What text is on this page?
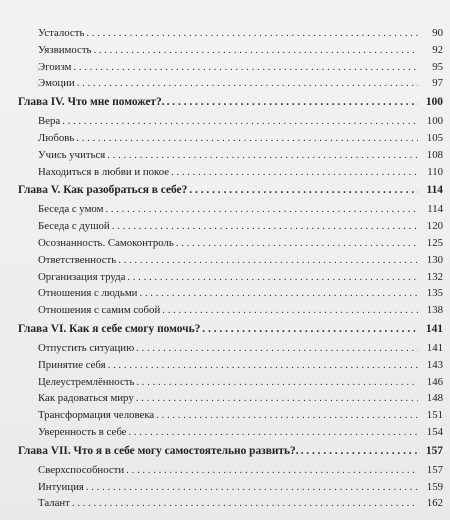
Усталость . . .	90
Уязвимость . . .	92
Эгоизм . . .	95
Эмоции . . .	97
Глава IV. Что мне поможет?. . . .	100
Вера . . .	100
Любовь . . .	105
Учись учиться . . .	108
Находиться в любви и покое . . .	110
Глава V. Как разобраться в себе? . . .	114
Беседа с умом . . .	114
Беседа с душой . . .	120
Осознанность. Самоконтроль . . .	125
Ответственность . . .	130
Организация труда . . .	132
Отношения с людьми . . .	135
Отношения с самим собой . . .	138
Глава VI. Как я себе смогу помочь? . . .	141
Отпустить ситуацию . . .	141
Принятие себя . . .	143
Целеустремлённость . . .	146
Как радоваться миру . . .	148
Трансформация человека . . .	151
Уверенность в себе . . .	154
Глава VII. Что я в себе могу самостоятельно развить?. . . .	157
Сверхспособности . . .	157
Интуиция . . .	159
Талант . . .	162
